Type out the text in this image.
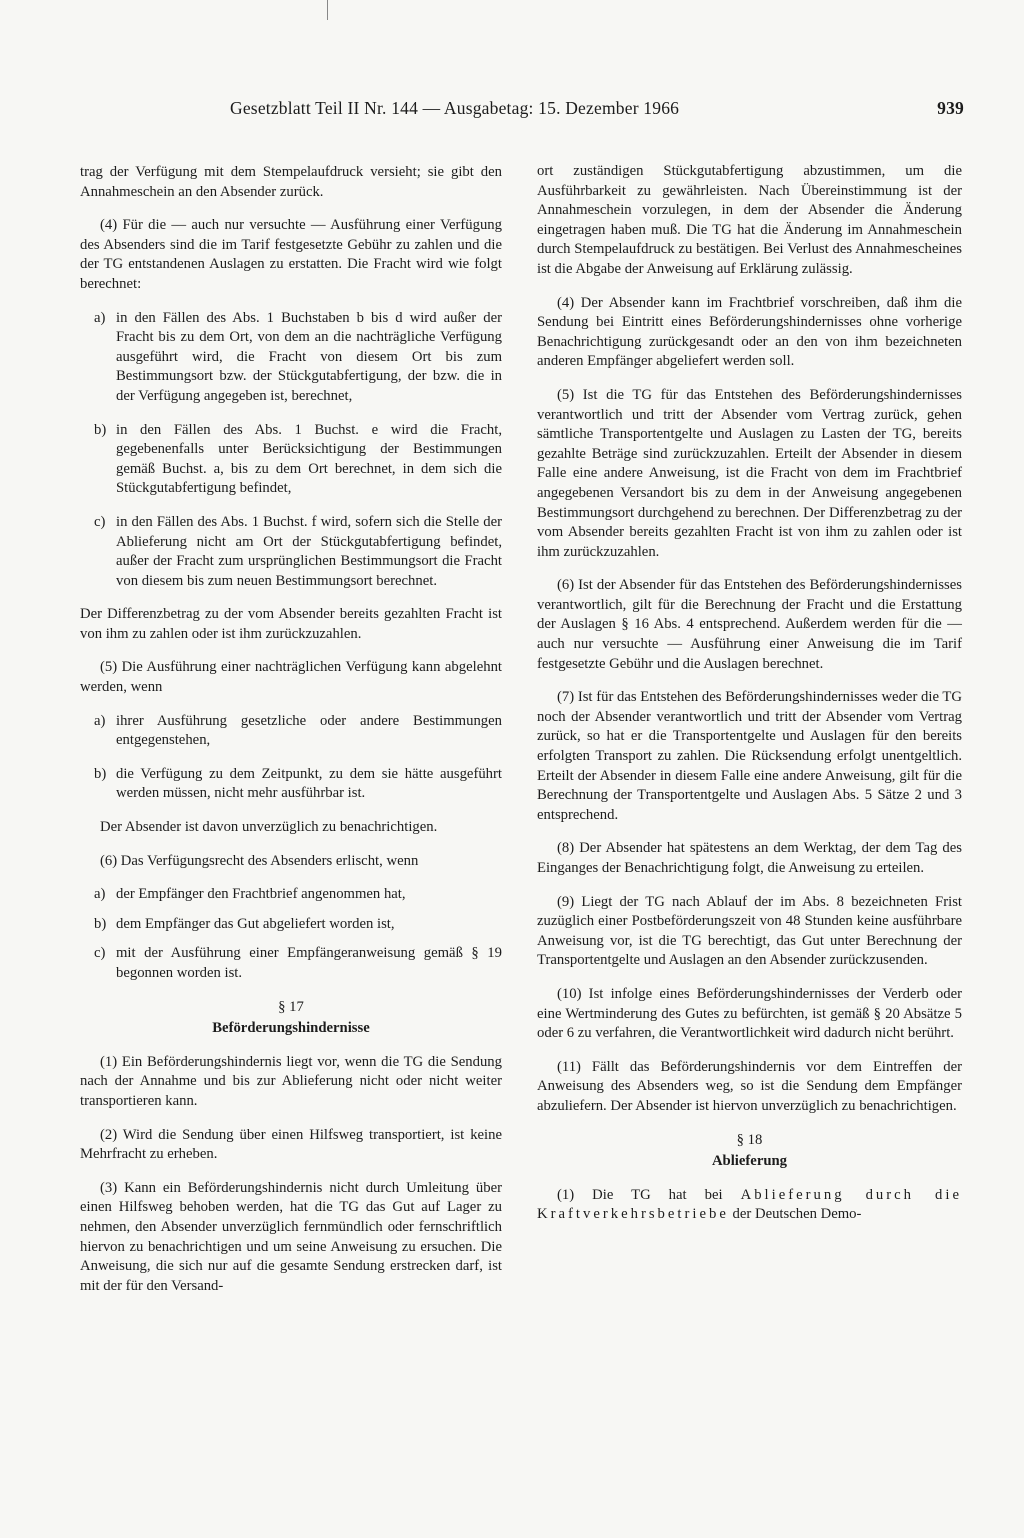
Gesetzblatt Teil II Nr. 144 — Ausgabetag: 15. Dezember 1966	939

trag der Verfügung mit dem Stempelaufdruck versieht; sie gibt den Annahmeschein an den Absender zurück.

(4) Für die — auch nur versuchte — Ausführung einer Verfügung des Absenders sind die im Tarif festgesetzte Gebühr zu zahlen und die der TG entstandenen Auslagen zu erstatten. Die Fracht wird wie folgt berechnet:

a) in den Fällen des Abs. 1 Buchstaben b bis d wird außer der Fracht bis zu dem Ort, von dem an die nachträgliche Verfügung ausgeführt wird, die Fracht von diesem Ort bis zum Bestimmungsort bzw. der Stückgutabfertigung, der bzw. die in der Verfügung angegeben ist, berechnet,
b) in den Fällen des Abs. 1 Buchst. e wird die Fracht, gegebenenfalls unter Berücksichtigung der Bestimmungen gemäß Buchst. a, bis zu dem Ort berechnet, in dem sich die Stückgutabfertigung befindet,
c) in den Fällen des Abs. 1 Buchst. f wird, sofern sich die Stelle der Ablieferung nicht am Ort der Stückgutabfertigung befindet, außer der Fracht zum ursprünglichen Bestimmungsort die Fracht von diesem bis zum neuen Bestimmungsort berechnet.

Der Differenzbetrag zu der vom Absender bereits gezahlten Fracht ist von ihm zu zahlen oder ist ihm zurückzuzahlen.

(5) Die Ausführung einer nachträglichen Verfügung kann abgelehnt werden, wenn

a) ihrer Ausführung gesetzliche oder andere Bestimmungen entgegenstehen,
b) die Verfügung zu dem Zeitpunkt, zu dem sie hätte ausgeführt werden müssen, nicht mehr ausführbar ist.

Der Absender ist davon unverzüglich zu benachrichtigen.

(6) Das Verfügungsrecht des Absenders erlischt, wenn

a) der Empfänger den Frachtbrief angenommen hat,
b) dem Empfänger das Gut abgeliefert worden ist,
c) mit der Ausführung einer Empfängeranweisung gemäß § 19 begonnen worden ist.
§ 17
Beförderungshindernisse

(1) Ein Beförderungshindernis liegt vor, wenn die TG die Sendung nach der Annahme und bis zur Ablieferung nicht oder nicht weiter transportieren kann.

(2) Wird die Sendung über einen Hilfsweg transportiert, ist keine Mehrfracht zu erheben.

(3) Kann ein Beförderungshindernis nicht durch Umleitung über einen Hilfsweg behoben werden, hat die TG das Gut auf Lager zu nehmen, den Absender unverzüglich fernmündlich oder fernschriftlich hiervon zu benachrichtigen und um seine Anweisung zu ersuchen. Die Anweisung, die sich nur auf die gesamte Sendung erstrecken darf, ist mit der für den Versand-

ort zuständigen Stückgutabfertigung abzustimmen, um die Ausführbarkeit zu gewährleisten. Nach Übereinstimmung ist der Annahmeschein vorzulegen, in dem der Absender die Änderung eingetragen haben muß. Die TG hat die Änderung im Annahmeschein durch Stempelaufdruck zu bestätigen. Bei Verlust des Annahmescheines ist die Abgabe der Anweisung auf Erklärung zulässig.

(4) Der Absender kann im Frachtbrief vorschreiben, daß ihm die Sendung bei Eintritt eines Beförderungshindernisses ohne vorherige Benachrichtigung zurückgesandt oder an den von ihm bezeichneten anderen Empfänger abgeliefert werden soll.

(5) Ist die TG für das Entstehen des Beförderungshindernisses verantwortlich und tritt der Absender vom Vertrag zurück, gehen sämtliche Transportentgelte und Auslagen zu Lasten der TG, bereits gezahlte Beträge sind zurückzuzahlen. Erteilt der Absender in diesem Falle eine andere Anweisung, ist die Fracht von dem im Frachtbrief angegebenen Versandort bis zu dem in der Anweisung angegebenen Bestimmungsort durchgehend zu berechnen. Der Differenzbetrag zu der vom Absender bereits gezahlten Fracht ist von ihm zu zahlen oder ist ihm zurückzuzahlen.

(6) Ist der Absender für das Entstehen des Beförderungshindernisses verantwortlich, gilt für die Berechnung der Fracht und die Erstattung der Auslagen § 16 Abs. 4 entsprechend. Außerdem werden für die — auch nur versuchte — Ausführung einer Anweisung die im Tarif festgesetzte Gebühr und die Auslagen berechnet.

(7) Ist für das Entstehen des Beförderungshindernisses weder die TG noch der Absender verantwortlich und tritt der Absender vom Vertrag zurück, so hat er die Transportentgelte und Auslagen für den bereits erfolgten Transport zu zahlen. Die Rücksendung erfolgt unentgeltlich. Erteilt der Absender in diesem Falle eine andere Anweisung, gilt für die Berechnung der Transportentgelte und Auslagen Abs. 5 Sätze 2 und 3 entsprechend.

(8) Der Absender hat spätestens an dem Werktag, der dem Tag des Einganges der Benachrichtigung folgt, die Anweisung zu erteilen.

(9) Liegt der TG nach Ablauf der im Abs. 8 bezeichneten Frist zuzüglich einer Postbeförderungszeit von 48 Stunden keine ausführbare Anweisung vor, ist die TG berechtigt, das Gut unter Berechnung der Transportentgelte und Auslagen an den Absender zurückzusenden.

(10) Ist infolge eines Beförderungshindernisses der Verderb oder eine Wertminderung des Gutes zu befürchten, ist gemäß § 20 Absätze 5 oder 6 zu verfahren, die Verantwortlichkeit wird dadurch nicht berührt.

(11) Fällt das Beförderungshindernis vor dem Eintreffen der Anweisung des Absenders weg, so ist die Sendung dem Empfänger abzuliefern. Der Absender ist hiervon unverzüglich zu benachrichtigen.

§ 18
Ablieferung

(1) Die TG hat bei Ablieferung durch die Kraftverkehrsbetriebe der Deutschen Demo-
